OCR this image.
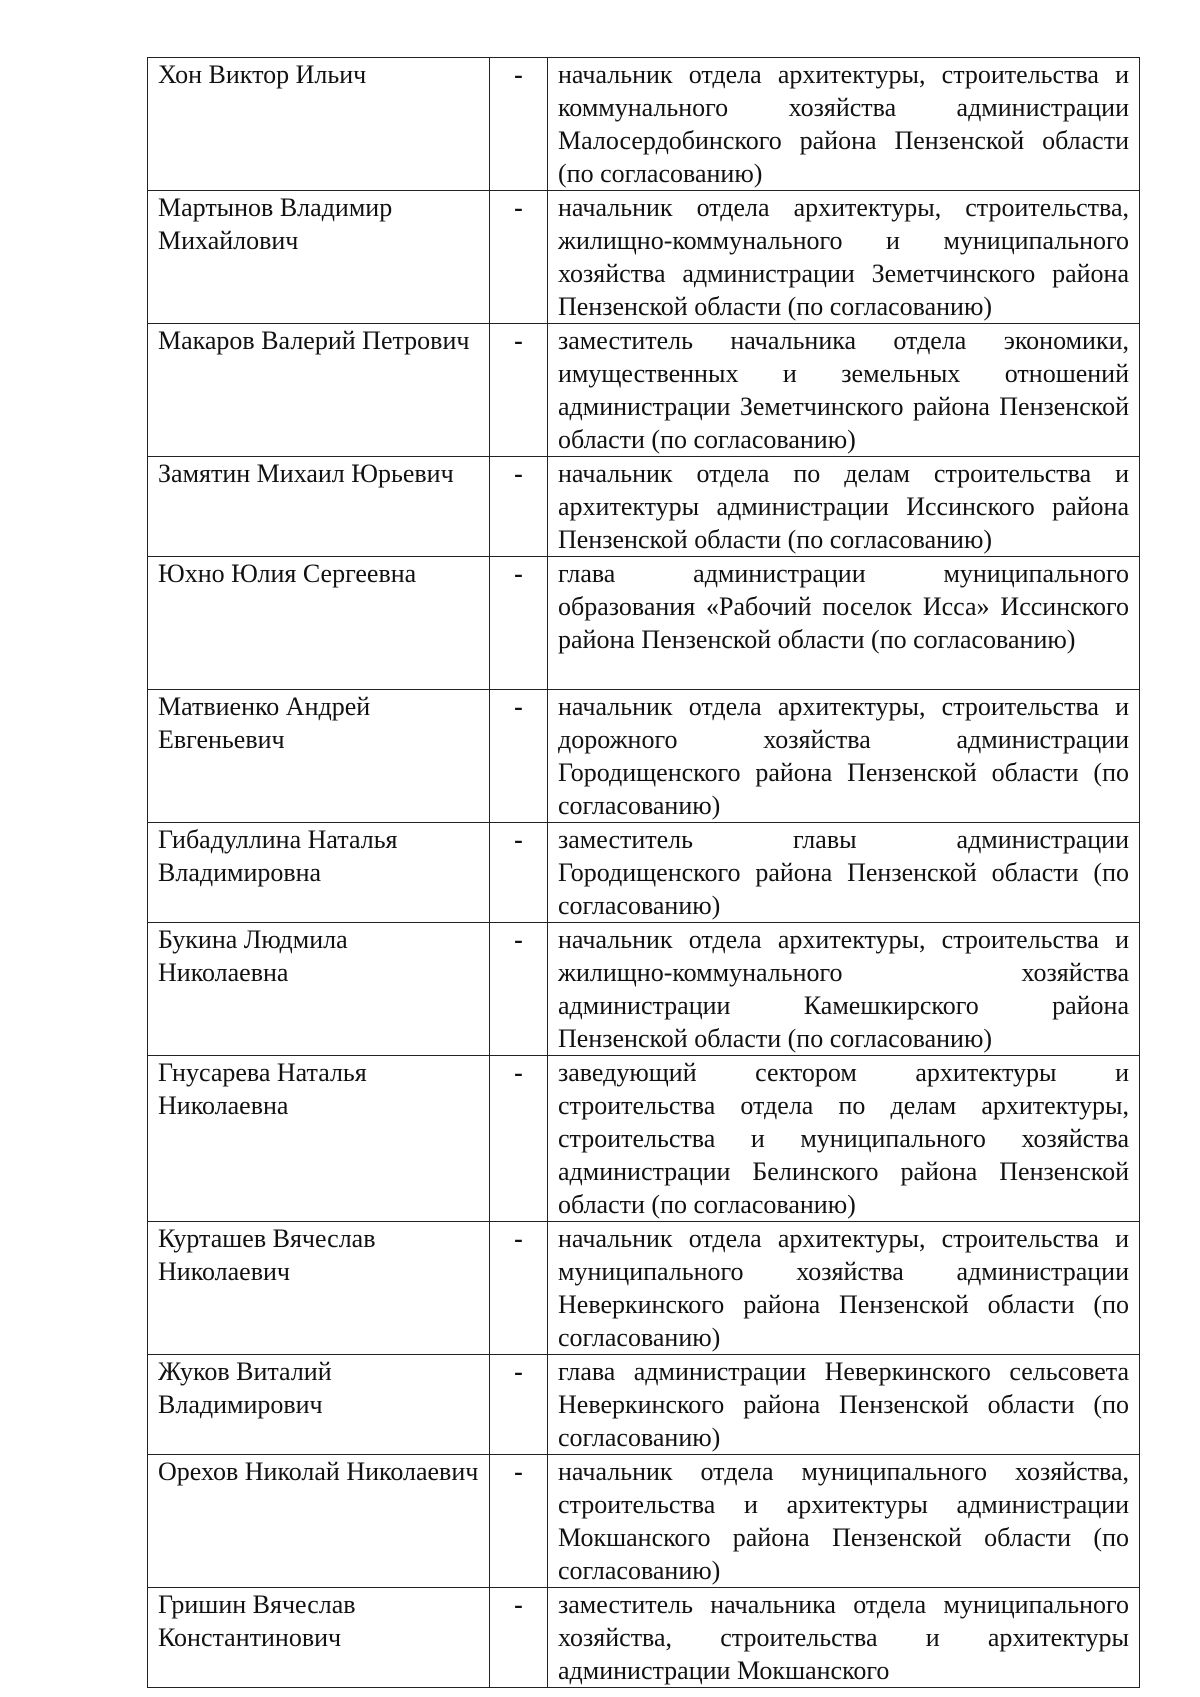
Хон Виктор Ильич	-	начальник отдела архитектуры, строительства и коммунального хозяйства администрации Малосердобинского района Пензенской области (по согласованию)
Мартынов Владимир Михайлович	-	начальник отдела архитектуры, строительства, жилищно-коммунального и муниципального хозяйства администрации Земетчинского района Пензенской области (по согласованию)
Макаров Валерий Петрович	-	заместитель начальника отдела экономики, имущественных и земельных отношений администрации Земетчинского района Пензенской области (по согласованию)
Замятин Михаил Юрьевич	-	начальник отдела по делам строительства и архитектуры администрации Иссинского района Пензенской области (по согласованию)
Юхно Юлия Сергеевна	-	глава администрации муниципального образования «Рабочий поселок Исса» Иссинского района Пензенской области (по согласованию)
Матвиенко Андрей Евгеньевич	-	начальник отдела архитектуры, строительства и дорожного хозяйства администрации Городищенского района Пензенской области (по согласованию)
Гибадуллина Наталья Владимировна	-	заместитель главы администрации Городищенского района Пензенской области (по согласованию)
Букина Людмила Николаевна	-	начальник отдела архитектуры, строительства и жилищно-коммунального хозяйства администрации Камешкирского района Пензенской области (по согласованию)
Гнусарева Наталья Николаевна	-	заведующий сектором архитектуры и строительства отдела по делам архитектуры, строительства и муниципального хозяйства администрации Белинского района Пензенской области (по согласованию)
Курташев Вячеслав Николаевич	-	начальник отдела архитектуры, строительства и муниципального хозяйства администрации Неверкинского района Пензенской области (по согласованию)
Жуков Виталий Владимирович	-	глава администрации Неверкинского сельсовета Неверкинского района Пензенской области (по согласованию)
Орехов Николай Николаевич	-	начальник отдела муниципального хозяйства, строительства и архитектуры администрации Мокшанского района Пензенской области (по согласованию)
Гришин Вячеслав Константинович	-	заместитель начальника отдела муниципального хозяйства, строительства и архитектуры администрации Мокшанского
